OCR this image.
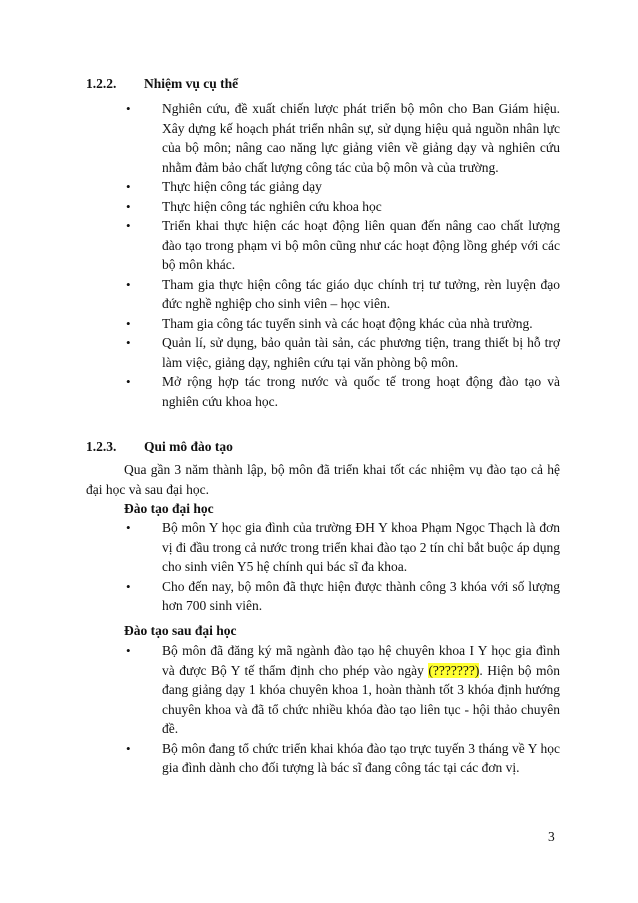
1.2.2.	Nhiệm vụ cụ thể
• Nghiên cứu, đề xuất chiến lược phát triển bộ môn cho Ban Giám hiệu. Xây dựng kế hoạch phát triển nhân sự, sử dụng hiệu quả nguồn nhân lực của bộ môn; nâng cao năng lực giảng viên về giảng dạy và nghiên cứu nhằm đảm bảo chất lượng công tác của bộ môn và của trường.
• Thực hiện công tác giảng dạy
• Thực hiện công tác nghiên cứu khoa học
• Triển khai thực hiện các hoạt động liên quan đến nâng cao chất lượng đào tạo trong phạm vi bộ môn cũng như các hoạt động lồng ghép với các bộ môn khác.
• Tham gia thực hiện công tác giáo dục chính trị tư tưởng, rèn luyện đạo đức nghề nghiệp cho sinh viên – học viên.
• Tham gia công tác tuyển sinh và các hoạt động khác của nhà trường.
• Quản lí, sử dụng, bảo quản tài sản, các phương tiện, trang thiết bị hỗ trợ làm việc, giảng dạy, nghiên cứu tại văn phòng bộ môn.
• Mở rộng hợp tác trong nước và quốc tế trong hoạt động đào tạo và nghiên cứu khoa học.
1.2.3.	Qui mô đào tạo

Qua gần 3 năm thành lập, bộ môn đã triển khai tốt các nhiệm vụ đào tạo cả hệ đại học và sau đại học.

Đào tạo đại học
• Bộ môn Y học gia đình của trường ĐH Y khoa Phạm Ngọc Thạch là đơn vị đi đầu trong cả nước trong triển khai đào tạo 2 tín chỉ bắt buộc áp dụng cho sinh viên Y5 hệ chính qui bác sĩ đa khoa.
• Cho đến nay, bộ môn đã thực hiện được thành công 3 khóa với số lượng hơn 700 sinh viên.
Đào tạo sau đại học
• Bộ môn đã đăng ký mã ngành đào tạo hệ chuyên khoa I Y học gia đình và được Bộ Y tế thẩm định cho phép vào ngày (???????). Hiện bộ môn đang giảng dạy 1 khóa chuyên khoa 1, hoàn thành tốt 3 khóa định hướng chuyên khoa và đã tổ chức nhiều khóa đào tạo liên tục - hội thảo chuyên đề.
• Bộ môn đang tổ chức triển khai khóa đào tạo trực tuyến 3 tháng về Y học gia đình dành cho đối tượng là bác sĩ đang công tác tại các đơn vị.
3
